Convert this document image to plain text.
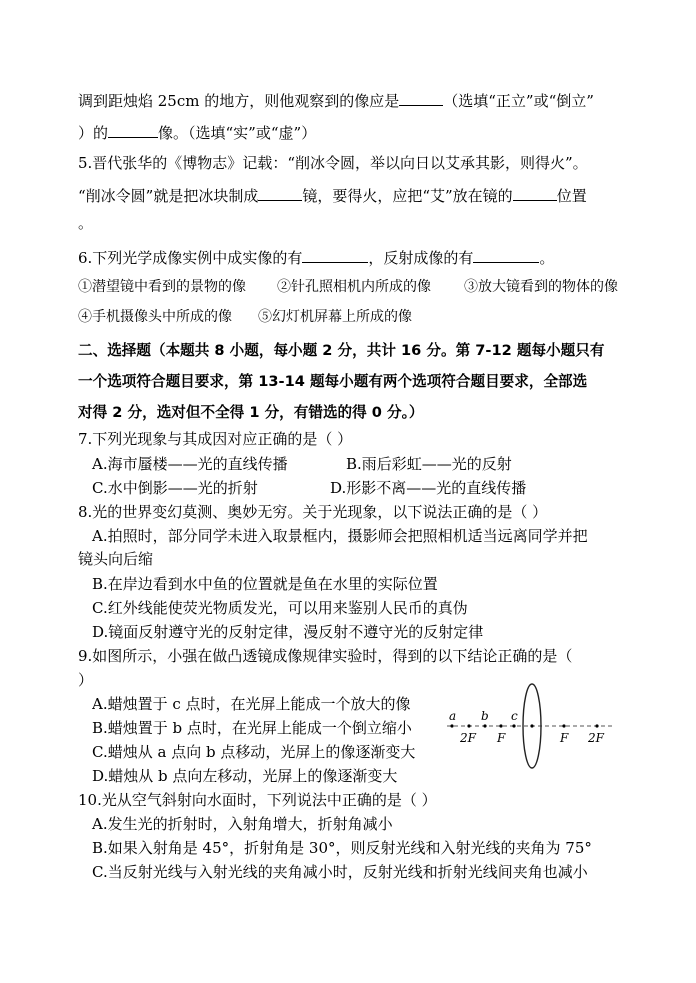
调到距烛焰 25cm 的地方，则他观察到的像应是	（选填“正立”或“倒立”
）的	像。（选填“实”或“虚”）
5.晋代张华的《博物志》记载：“削冰令圆，举以向日以艾承其影，则得火”。
“削冰令圆”就是把冰块制成	镜，要得火，应把“艾”放在镜的	位置
。
6.下列光学成像实例中成实像的有	，反射成像的有	。
①潜望镜中看到的景物的像 ②针孔照相机内所成的像 ③放大镜看到的物体的像
④手机摄像头中所成的像 ⑤幻灯机屏幕上所成的像
二、选择题（本题共 8 小题，每小题 2 分，共计 16 分。第 7-12 题每小题只有
一个选项符合题目要求，第 13-14 题每小题有两个选项符合题目要求，全部选
对得 2 分，选对但不全得 1 分，有错选的得 0 分。）
7.下列光现象与其成因对应正确的是（ ）
A.海市蜃楼——光的直线传播	B.雨后彩虹——光的反射
C.水中倒影——光的折射	D.形影不离——光的直线传播
8.光的世界变幻莫测、奥妙无穷。关于光现象，以下说法正确的是（ ）
A.拍照时，部分同学未进入取景框内，摄影师会把照相机适当远离同学并把
镜头向后缩
B.在岸边看到水中鱼的位置就是鱼在水里的实际位置
C.红外线能使荧光物质发光，可以用来鉴别人民币的真伪
D.镜面反射遵守光的反射定律，漫反射不遵守光的反射定律
9.如图所示，小强在做凸透镜成像规律实验时，得到的以下结论正确的是（
）
A.蜡烛置于 c 点时，在光屏上能成一个放大的像
B.蜡烛置于 b 点时，在光屏上能成一个倒立缩小
C.蜡烛从 a 点向 b 点移动，光屏上的像逐渐变大
D.蜡烛从 b 点向左移动，光屏上的像逐渐变大
a b c
2F F	F 2F
10.光从空气斜射向水面时，下列说法中正确的是（ ）
A.发生光的折射时，入射角增大，折射角减小
B.如果入射角是 45°，折射角是 30°，则反射光线和入射光线的夹角为 75°
C.当反射光线与入射光线的夹角减小时，反射光线和折射光线间夹角也减小
